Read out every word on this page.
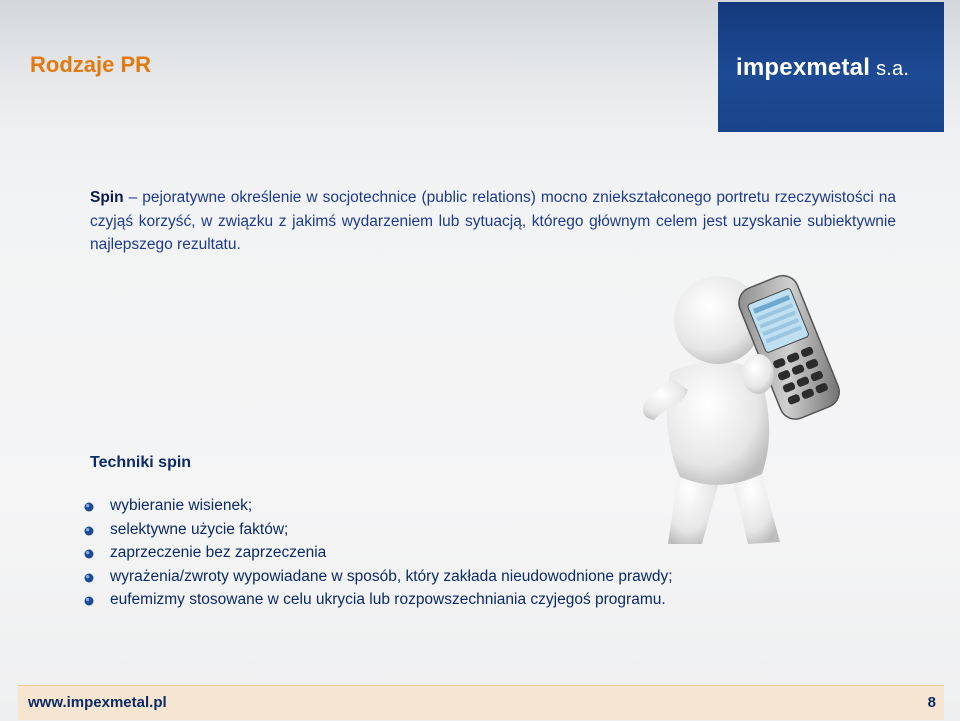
Rodzaje PR	impexmetal s.a.

Spin – pejoratywne określenie w socjotechnice (public relations) mocno zniekształconego portretu rzeczywistości na czyjąś korzyść, w związku z jakimś wydarzeniem lub sytuacją, którego głównym celem jest uzyskanie subiektywnie najlepszego rezultatu.

Techniki spin
wybieranie wisienek;
selektywne użycie faktów;
zaprzeczenie bez zaprzeczenia
wyrażenia/zwroty wypowiadane w sposób, który zakłada nieudowodnione prawdy;
eufemizmy stosowane w celu ukrycia lub rozpowszechniania czyjegoś programu.
www.impexmetal.pl	8
